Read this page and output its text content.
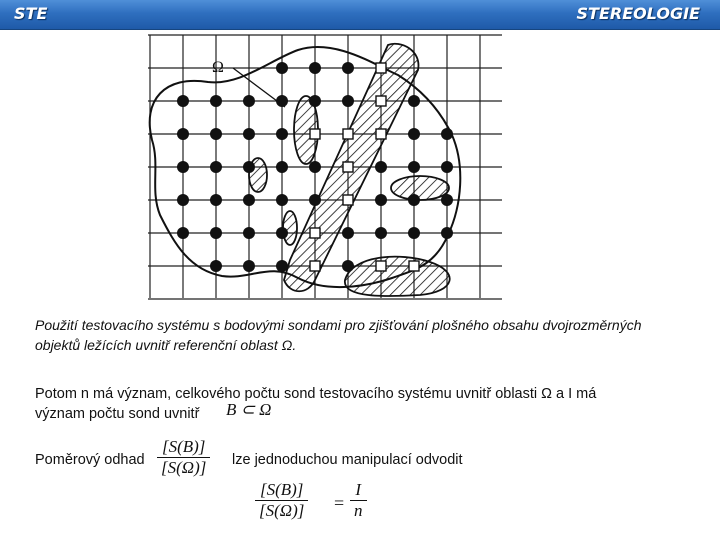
STE	STEREOLOGIE
Ω
Použití testovacího systému s bodovými sondami pro zjišťování plošného obsahu dvojrozměrných objektů ležících uvnitř referenční oblast Ω.
Potom n má význam, celkového počtu sond testovacího systému uvnitř oblasti Ω a I má
význam počtu sond uvnitř B ⊂ Ω
Poměrový odhad
[S(B)]
[S(Ω)] lze jednoduchou manipulací odvodit
[S(B)]
[S(Ω)] =
I
n
